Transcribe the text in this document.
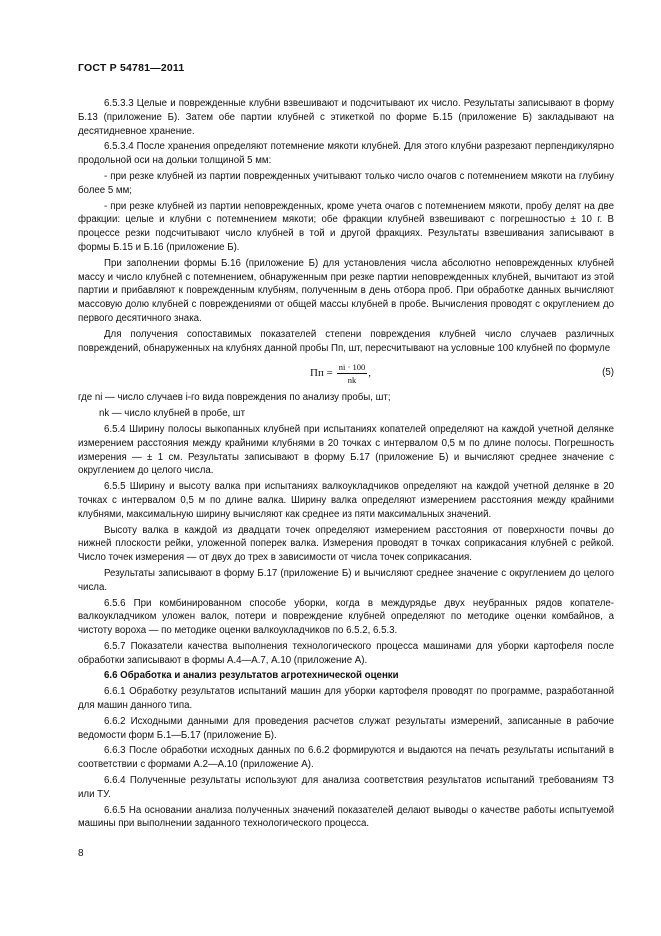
ГОСТ Р 54781—2011

6.5.3.3 Целые и поврежденные клубни взвешивают и подсчитывают их число. Результаты записывают в форму Б.13 (приложение Б). Затем обе партии клубней с этикеткой по форме Б.15 (приложение Б) закладывают на десятидневное хранение.

6.5.3.4 После хранения определяют потемнение мякоти клубней. Для этого клубни разрезают перпендикулярно продольной оси на дольки толщиной 5 мм:

- при резке клубней из партии поврежденных учитывают только число очагов с потемнением мякоти на глубину более 5 мм;

- при резке клубней из партии неповрежденных, кроме учета очагов с потемнением мякоти, пробу делят на две фракции: целые и клубни с потемнением мякоти; обе фракции клубней взвешивают с погрешностью ± 10 г. В процессе резки подсчитывают число клубней в той и другой фракциях. Результаты взвешивания записывают в формы Б.15 и Б.16 (приложение Б).

При заполнении формы Б.16 (приложение Б) для установления числа абсолютно неповрежденных клубней массу и число клубней с потемнением, обнаруженным при резке партии неповрежденных клубней, вычитают из этой партии и прибавляют к поврежденным клубням, полученным в день отбора проб. При обработке данных вычисляют массовую долю клубней с повреждениями от общей массы клубней в пробе. Вычисления проводят с округлением до первого десятичного знака.

Для получения сопоставимых показателей степени повреждения клубней число случаев различных повреждений, обнаруженных на клубнях данной пробы Пп, шт, пересчитывают на условные 100 клубней по формуле

Пп = $\frac{ni \cdot 100}{nk}$ ,	(5)

где ni — число случаев i-го вида повреждения по анализу пробы, шт;

nk — число клубней в пробе, шт

6.5.4 Ширину полосы выкопанных клубней при испытаниях копателей определяют на каждой учетной делянке измерением расстояния между крайними клубнями в 20 точках с интервалом 0,5 м по длине полосы. Погрешность измерения — ± 1 см. Результаты записывают в форму Б.17 (приложение Б) и вычисляют среднее значение с округлением до целого числа.

6.5.5 Ширину и высоту валка при испытаниях валкоукладчиков определяют на каждой учетной делянке в 20 точках с интервалом 0,5 м по длине валка. Ширину валка определяют измерением расстояния между крайними клубнями, максимальную ширину вычисляют как среднее из пяти максимальных значений.

Высоту валка в каждой из двадцати точек определяют измерением расстояния от поверхности почвы до нижней плоскости рейки, уложенной поперек валка. Измерения проводят в точках соприкасания клубней с рейкой. Число точек измерения — от двух до трех в зависимости от числа точек соприкасания.

Результаты записывают в форму Б.17 (приложение Б) и вычисляют среднее значение с округлением до целого числа.

6.5.6 При комбинированном способе уборки, когда в междурядье двух неубранных рядов копателе-валкоукладчиком уложен валок, потери и повреждение клубней определяют по методике оценки комбайнов, а чистоту вороха — по методике оценки валкоукладчиков по 6.5.2, 6.5.3.

6.5.7 Показатели качества выполнения технологического процесса машинами для уборки картофеля после обработки записывают в формы А.4—А.7, А.10 (приложение А).

6.6 Обработка и анализ результатов агротехнической оценки

6.6.1 Обработку результатов испытаний машин для уборки картофеля проводят по программе, разработанной для машин данного типа.

6.6.2 Исходными данными для проведения расчетов служат результаты измерений, записанные в рабочие ведомости форм Б.1—Б.17 (приложение Б).

6.6.3 После обработки исходных данных по 6.6.2 формируются и выдаются на печать результаты испытаний в соответствии с формами А.2—А.10 (приложение А).

6.6.4 Полученные результаты используют для анализа соответствия результатов испытаний требованиям ТЗ или ТУ.

6.6.5 На основании анализа полученных значений показателей делают выводы о качестве работы испытуемой машины при выполнении заданного технологического процесса.

8
